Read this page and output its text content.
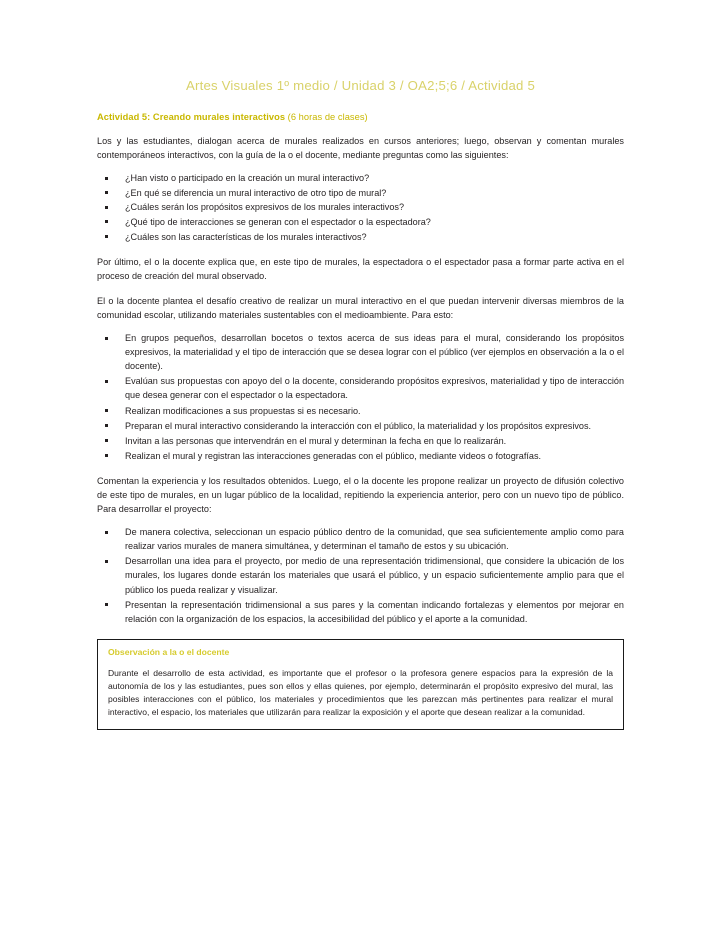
Artes Visuales 1º medio / Unidad 3 / OA2;5;6 / Actividad 5
Actividad 5: Creando murales interactivos (6 horas de clases)

Los y las estudiantes, dialogan acerca de murales realizados en cursos anteriores; luego, observan y comentan murales contemporáneos interactivos, con la guía de la o el docente, mediante preguntas como las siguientes:

¿Han visto o participado en la creación un mural interactivo?
¿En qué se diferencia un mural interactivo de otro tipo de mural?
¿Cuáles serán los propósitos expresivos de los murales interactivos?
¿Qué tipo de interacciones se generan con el espectador o la espectadora?
¿Cuáles son las características de los murales interactivos?

Por último, el o la docente explica que, en este tipo de murales, la espectadora o el espectador pasa a formar parte activa en el proceso de creación del mural observado.

El o la docente plantea el desafío creativo de realizar un mural interactivo en el que puedan intervenir diversas miembros de la comunidad escolar, utilizando materiales sustentables con el medioambiente. Para esto:

En grupos pequeños, desarrollan bocetos o textos acerca de sus ideas para el mural, considerando los propósitos expresivos, la materialidad y el tipo de interacción que se desea lograr con el público (ver ejemplos en observación a la o el docente).
Evalúan sus propuestas con apoyo del o la docente, considerando propósitos expresivos, materialidad y tipo de interacción que desea generar con el espectador o la espectadora.
Realizan modificaciones a sus propuestas si es necesario.
Preparan el mural interactivo considerando la interacción con el público, la materialidad y los propósitos expresivos.
Invitan a las personas que intervendrán en el mural y determinan la fecha en que lo realizarán.
Realizan el mural y registran las interacciones generadas con el público, mediante videos o fotografías.

Comentan la experiencia y los resultados obtenidos. Luego, el o la docente les propone realizar un proyecto de difusión colectivo de este tipo de murales, en un lugar público de la localidad, repitiendo la experiencia anterior, pero con un nuevo tipo de público. Para desarrollar el proyecto:

De manera colectiva, seleccionan un espacio público dentro de la comunidad, que sea suficientemente amplio como para realizar varios murales de manera simultánea, y determinan el tamaño de estos y su ubicación.
Desarrollan una idea para el proyecto, por medio de una representación tridimensional, que considere la ubicación de los murales, los lugares donde estarán los materiales que usará el público, y un espacio suficientemente amplio para que el público los pueda realizar y visualizar.
Presentan la representación tridimensional a sus pares y la comentan indicando fortalezas y elementos por mejorar en relación con la organización de los espacios, la accesibilidad del público y el aporte a la comunidad.
Observación a la o el docente

Durante el desarrollo de esta actividad, es importante que el profesor o la profesora genere espacios para la expresión de la autonomía de los y las estudiantes, pues son ellos y ellas quienes, por ejemplo, determinarán el propósito expresivo del mural, las posibles interacciones con el público, los materiales y procedimientos que les parezcan más pertinentes para realizar el mural interactivo, el espacio, los materiales que utilizarán para realizar la exposición y el aporte que desean realizar a la comunidad.
